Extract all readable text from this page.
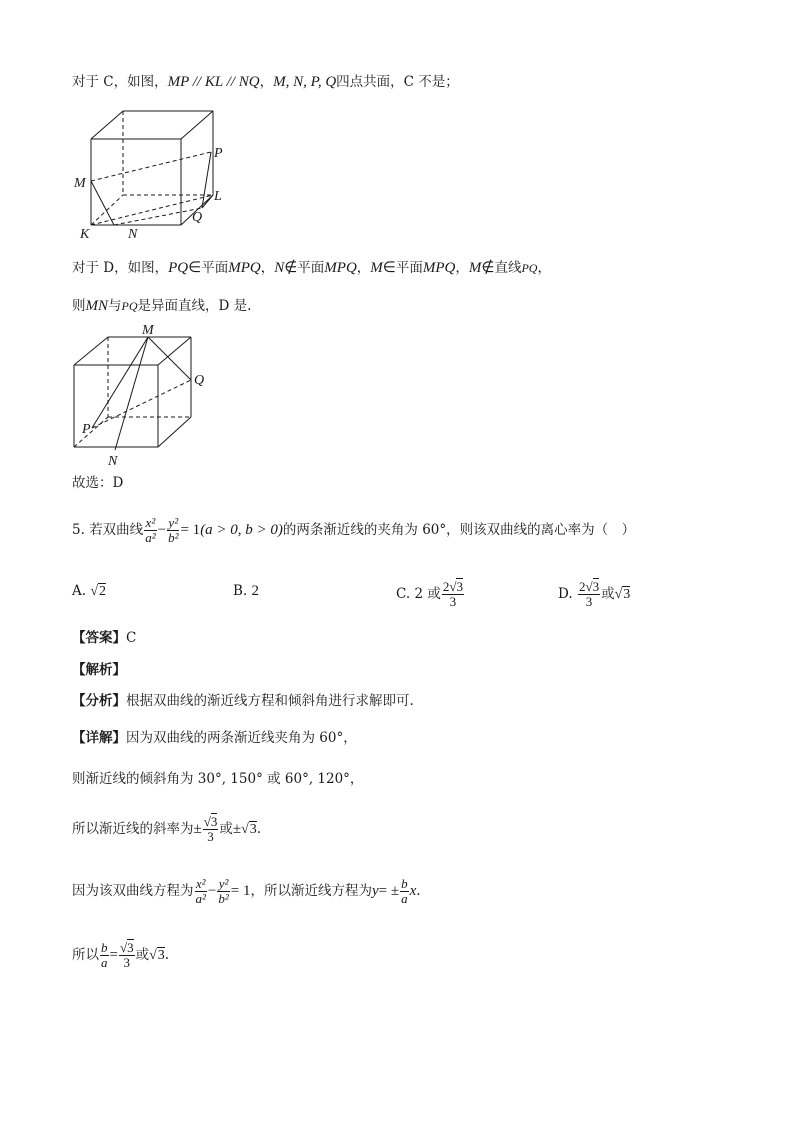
对于 C，如图，MP // KL // NQ，M, N, P, Q四点共面，C 不是；
M
P
L
Q
K	N
对于 D，如图，PQ∈平面MPQ，N∉平面MPQ，M∈平面MPQ，M∉直线PQ，
则MN与PQ是异面直线，D 是.
M
Q
P
N
故选：D
5. 若双曲线 $\frac{\text{x²}}{\text{a²}} - \frac{\text{y²}}{\text{b²}} = 1(a > 0$, b > 0)的两条渐近线的夹角为 60°，则该双曲线的离心率为（　）
A. √2	B. 2	C. 2 或 $\frac{2√3}{3}$	D. $\frac{2√3}{3}$ 或√3
【答案】C
【解析】
【分析】根据双曲线的渐近线方程和倾斜角进行求解即可.
【详解】因为双曲线的两条渐近线夹角为 60°，
则渐近线的倾斜角为 30°, 150° 或 60°, 120°，
所以渐近线的斜率为± $\frac{√3}{3}$ 或±√3.
因为该双曲线方程为 $\frac{\text{x²}}{\text{a²}} - \frac{\text{y²}}{\text{b²}} = 1$，所以渐近线方程为$y= \pm \frac{b}{a} x$.
所以 $\frac{b}{a} = \frac{√3}{3}$ 或√3.
